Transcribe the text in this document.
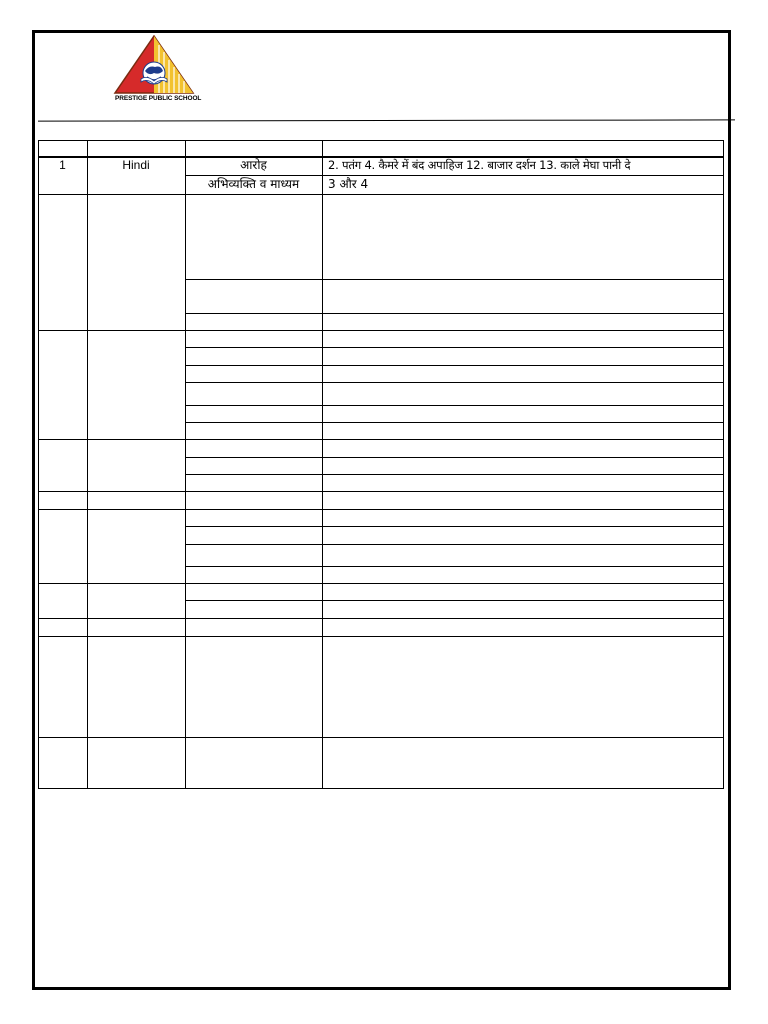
PRESTIGE PUBLIC SCHOOL
1	Hindi	आरोह	2. पतंग 4. कैमरे में बंद अपाहिज 12. बाजार दर्शन 13. काले मेघा पानी दे
अभिव्यक्ति व माध्यम	3 और 4
